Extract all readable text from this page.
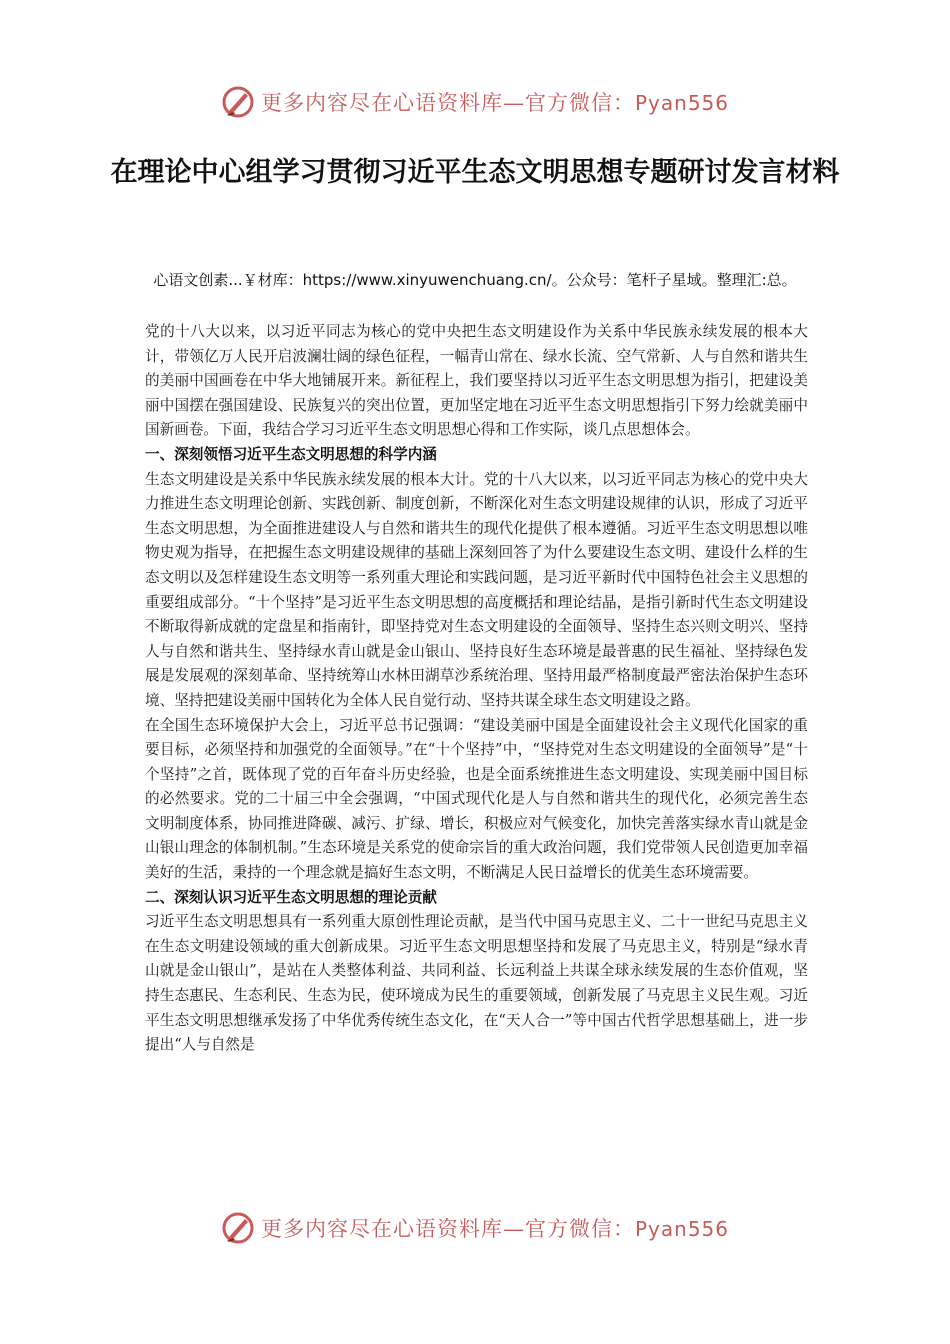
更多内容尽在心语资料库—官方微信：Pyan556
在理论中心组学习贯彻习近平生态文明思想专题研讨发言材料
心语文创素...￥材库：https://www.xinyuwenchuang.cn/。公众号：笔杆子星域。整理汇:总。

党的十八大以来，以习近平同志为核心的党中央把生态文明建设作为关系中华民族永续发展的根本大计，带领亿万人民开启波澜壮阔的绿色征程，一幅青山常在、绿水长流、空气常新、人与自然和谐共生的美丽中国画卷在中华大地铺展开来。新征程上，我们要坚持以习近平生态文明思想为指引，把建设美丽中国摆在强国建设、民族复兴的突出位置，更加坚定地在习近平生态文明思想指引下努力绘就美丽中国新画卷。下面，我结合学习习近平生态文明思想心得和工作实际，谈几点思想体会。

一、深刻领悟习近平生态文明思想的科学内涵

生态文明建设是关系中华民族永续发展的根本大计。党的十八大以来，以习近平同志为核心的党中央大力推进生态文明理论创新、实践创新、制度创新，不断深化对生态文明建设规律的认识，形成了习近平生态文明思想，为全面推进建设人与自然和谐共生的现代化提供了根本遵循。习近平生态文明思想以唯物史观为指导，在把握生态文明建设规律的基础上深刻回答了为什么要建设生态文明、建设什么样的生态文明以及怎样建设生态文明等一系列重大理论和实践问题，是习近平新时代中国特色社会主义思想的重要组成部分。“十个坚持”是习近平生态文明思想的高度概括和理论结晶，是指引新时代生态文明建设不断取得新成就的定盘星和指南针，即坚持党对生态文明建设的全面领导、坚持生态兴则文明兴、坚持人与自然和谐共生、坚持绿水青山就是金山银山、坚持良好生态环境是最普惠的民生福祉、坚持绿色发展是发展观的深刻革命、坚持统筹山水林田湖草沙系统治理、坚持用最严格制度最严密法治保护生态环境、坚持把建设美丽中国转化为全体人民自觉行动、坚持共谋全球生态文明建设之路。

在全国生态环境保护大会上，习近平总书记强调：“建设美丽中国是全面建设社会主义现代化国家的重要目标，必须坚持和加强党的全面领导。”在“十个坚持”中，“坚持党对生态文明建设的全面领导”是“十个坚持”之首，既体现了党的百年奋斗历史经验，也是全面系统推进生态文明建设、实现美丽中国目标的必然要求。党的二十届三中全会强调，“中国式现代化是人与自然和谐共生的现代化，必须完善生态文明制度体系，协同推进降碳、减污、扩绿、增长，积极应对气候变化，加快完善落实绿水青山就是金山银山理念的体制机制。”生态环境是关系党的使命宗旨的重大政治问题，我们党带领人民创造更加幸福美好的生活，秉持的一个理念就是搞好生态文明，不断满足人民日益增长的优美生态环境需要。

二、深刻认识习近平生态文明思想的理论贡献

习近平生态文明思想具有一系列重大原创性理论贡献，是当代中国马克思主义、二十一世纪马克思主义在生态文明建设领域的重大创新成果。习近平生态文明思想坚持和发展了马克思主义，特别是“绿水青山就是金山银山”，是站在人类整体利益、共同利益、长远利益上共谋全球永续发展的生态价值观，坚持生态惠民、生态利民、生态为民，使环境成为民生的重要领域，创新发展了马克思主义民生观。习近平生态文明思想继承发扬了中华优秀传统生态文化，在“天人合一”等中国古代哲学思想基础上，进一步提出“人与自然是

更多内容尽在心语资料库—官方微信：Pyan556
